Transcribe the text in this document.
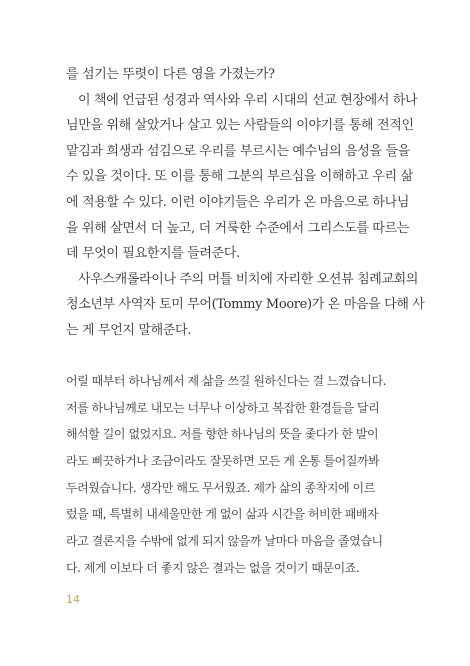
를 섬기는 뚜렷이 다른 영을 가졌는가?
이 책에 언급된 성경과 역사와 우리 시대의 선교 현장에서 하나
님만을 위해 살았거나 살고 있는 사람들의 이야기를 통해 전적인
맡김과 희생과 섬김으로 우리를 부르시는 예수님의 음성을 들을
수 있을 것이다. 또 이를 통해 그분의 부르심을 이해하고 우리 삶
에 적용할 수 있다. 이런 이야기들은 우리가 온 마음으로 하나님
을 위해 살면서 더 높고, 더 거룩한 수준에서 그리스도를 따르는
데 무엇이 필요한지를 들려준다.
사우스캐롤라이나 주의 머틀 비치에 자리한 오션뷰 침례교회의
청소년부 사역자 토미 무어(Tommy Moore)가 온 마음을 다해 사
는 게 무언지 말해준다.
어릴 때부터 하나님께서 제 삶을 쓰길 원하신다는 걸 느꼈습니다.
저를 하나님께로 내모는 너무나 이상하고 복잡한 환경들을 달리
해석할 길이 없었지요. 저를 향한 하나님의 뜻을 좇다가 한 발이
라도 삐끗하거나 조금이라도 잘못하면 모든 게 온통 틀어질까봐
두려웠습니다. 생각만 해도 무서웠죠. 제가 삶의 종착지에 이르
렀을 때, 특별히 내세울만한 게 없이 삶과 시간을 허비한 패배자
라고 결론지을 수밖에 없게 되지 않을까 날마다 마음을 졸였습니
다. 제게 이보다 더 좋지 않은 결과는 없을 것이기 때문이죠.
14
